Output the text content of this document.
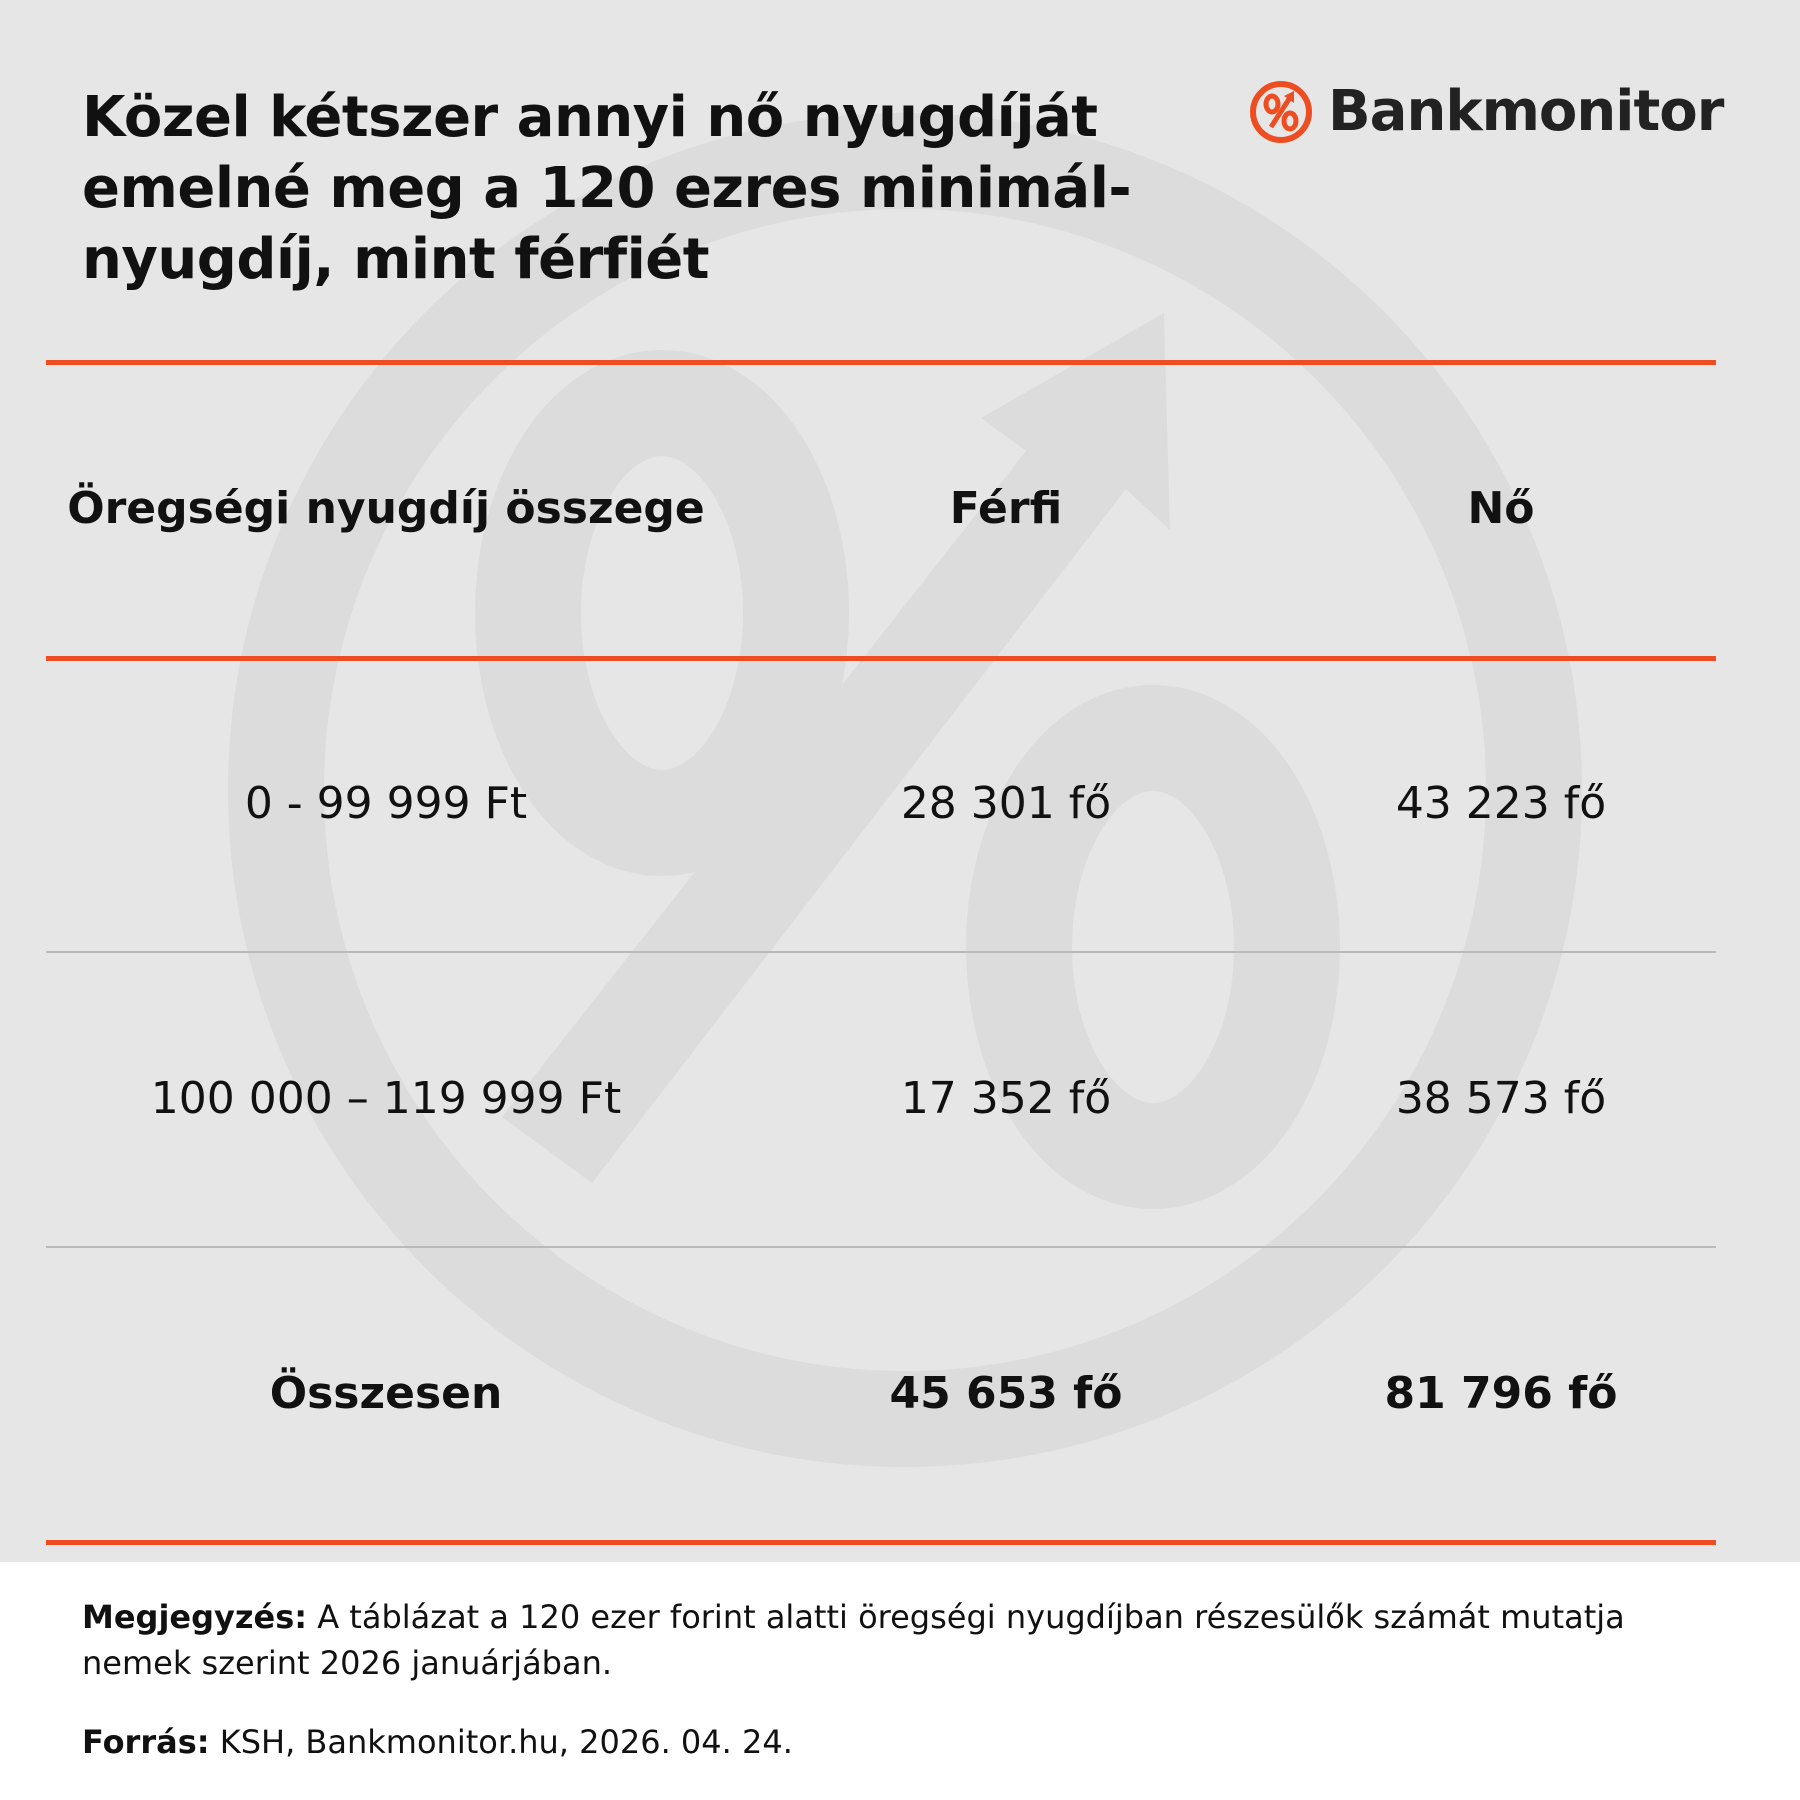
Közel kétszer annyi nő nyugdíját
emelné meg a 120 ezres minimál-
nyugdíj, mint férfiét
Bankmonitor
Öregségi nyugdíj összege	Férfi	Nő
0 - 99 999 Ft	28 301 fő	43 223 fő
100 000 – 119 999 Ft	17 352 fő	38 573 fő
Összesen	45 653 fő	81 796 fő

Megjegyzés: A táblázat a 120 ezer forint alatti öregségi nyugdíjban részesülők számát mutatja nemek szerint 2026 januárjában.

Forrás: KSH, Bankmonitor.hu, 2026. 04. 24.
